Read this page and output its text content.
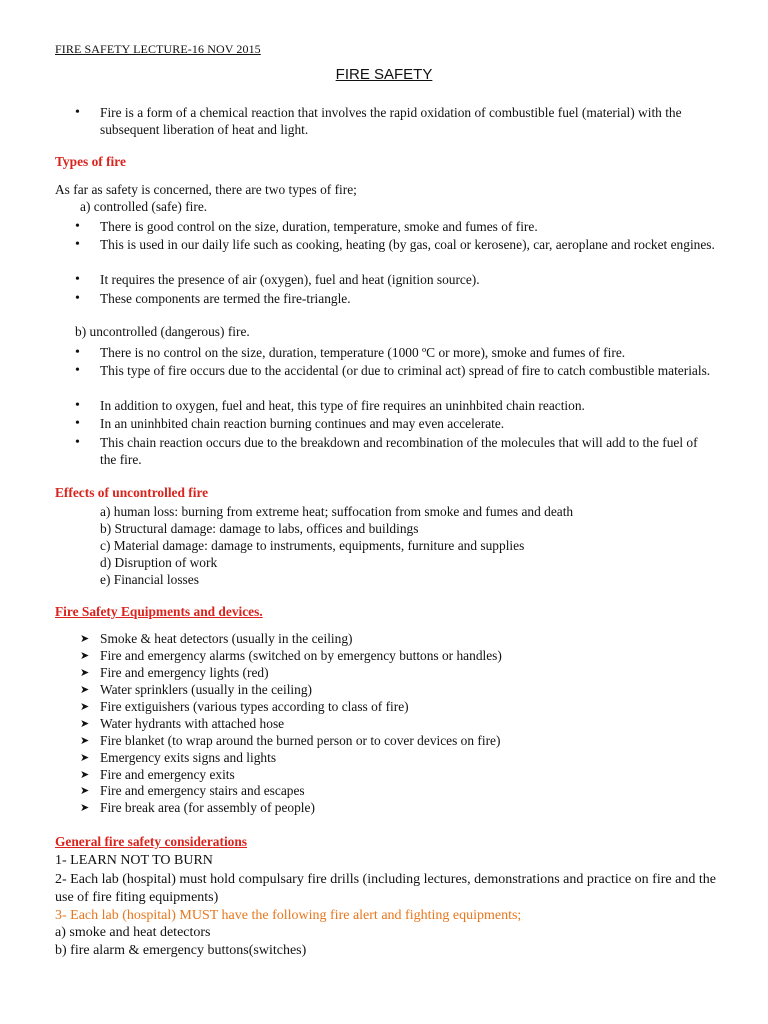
FIRE SAFETY LECTURE-16 NOV 2015
FIRE SAFETY
•	Fire is a form of a chemical reaction that involves the rapid oxidation of combustible fuel (material) with the subsequent liberation of heat and light.
Types of fire
As far as safety is concerned, there are two types of fire;
a) controlled (safe) fire.
•	There is good control on the size, duration, temperature, smoke and fumes of fire.
•	This is used in our daily life such as cooking, heating (by gas, coal or kerosene), car, aeroplane and rocket engines.
•	It requires the presence of air (oxygen), fuel and heat (ignition source).
•	These components are termed the fire-triangle.
b) uncontrolled (dangerous) fire.
•	There is no control on the size, duration, temperature (1000 ºC or more), smoke and fumes of fire.
•	This type of fire occurs due to the accidental (or due to criminal act) spread of fire to catch combustible materials.
•	In addition to oxygen, fuel and heat, this type of fire requires an uninhbited chain reaction.
•	In an uninhbited chain reaction burning continues and may even accelerate.
•	This chain reaction occurs due to the breakdown and recombination of the molecules that will add to the fuel of the fire.
Effects of uncontrolled fire
a) human loss: burning from extreme heat; suffocation from smoke and fumes and death
b) Structural damage: damage to labs, offices and buildings
c) Material damage: damage to instruments, equipments, furniture and supplies
d) Disruption of work
e) Financial losses
Fire Safety Equipments and devices.
➤ Smoke & heat detectors (usually in the ceiling)
➤ Fire and emergency alarms (switched on by emergency buttons or handles)
➤ Fire and emergency lights (red)
➤ Water sprinklers (usually in the ceiling)
➤ Fire extiguishers (various types according to class of fire)
➤ Water hydrants with attached hose
➤ Fire blanket (to wrap around the burned person or to cover devices on fire)
➤ Emergency exits signs and lights
➤ Fire and emergency exits
➤ Fire and emergency stairs and escapes
➤ Fire break area (for assembly of people)
General fire safety considerations
1- LEARN NOT TO BURN
2- Each lab (hospital) must hold compulsary fire drills (including lectures, demonstrations and practice on fire and the use of fire fiting equipments)
3- Each lab (hospital) MUST have the following fire alert and fighting equipments;
a) smoke and heat detectors
b) fire alarm & emergency buttons(switches)
